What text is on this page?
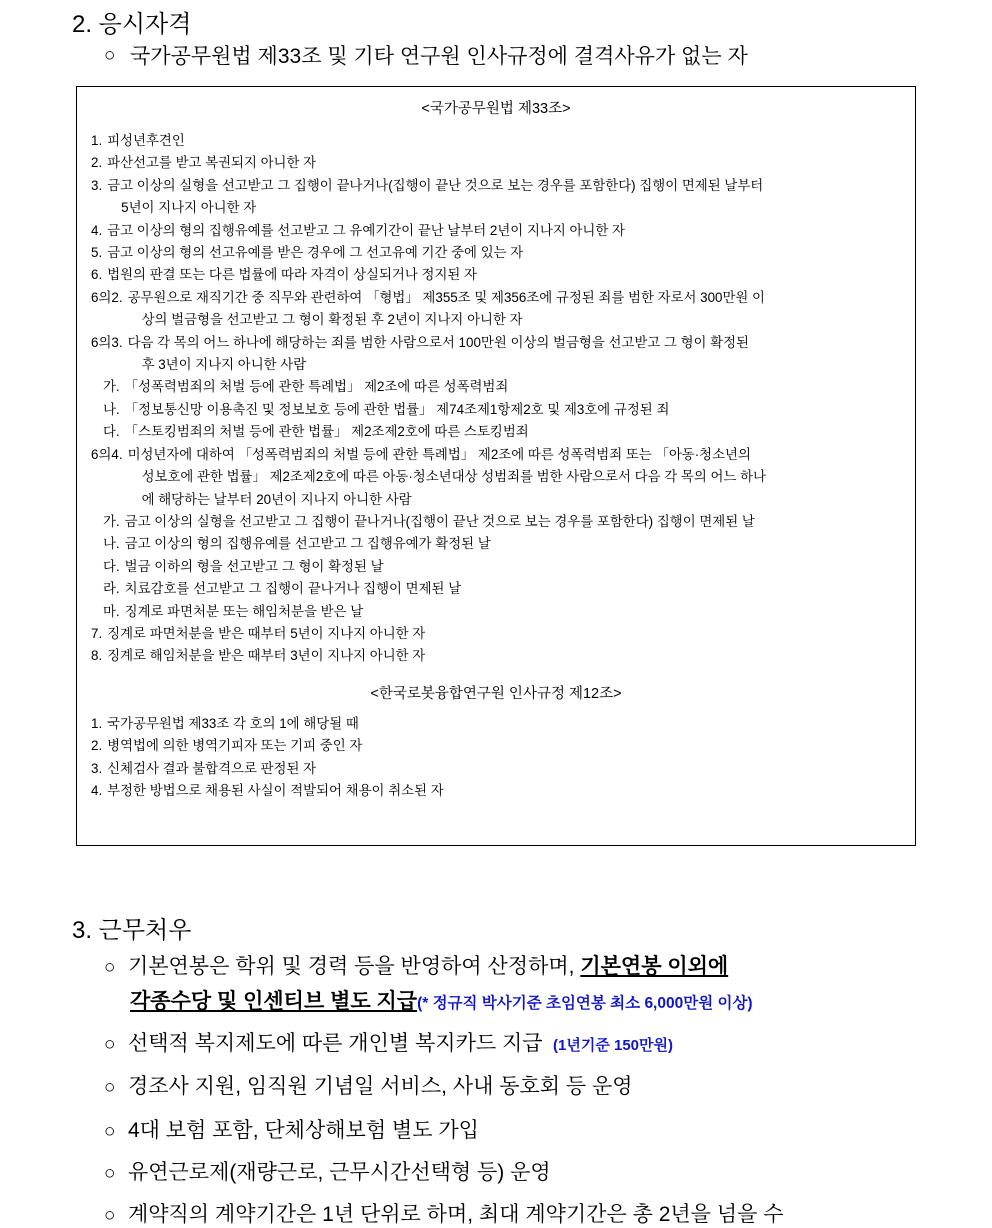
2. 응시자격
○ 국가공무원법 제33조 및 기타 연구원 인사규정에 결격사유가 없는 자
<국가공무원법 제33조>
1. 피성년후견인
2. 파산선고를 받고 복권되지 아니한 자
3. 금고 이상의 실형을 선고받고 그 집행이 끝나거나(집행이 끝난 것으로 보는 경우를 포함한다) 집행이 면제된 날부터
5년이 지나지 아니한 자
4. 금고 이상의 형의 집행유예를 선고받고 그 유예기간이 끝난 날부터 2년이 지나지 아니한 자
5. 금고 이상의 형의 선고유예를 받은 경우에 그 선고유예 기간 중에 있는 자
6. 법원의 판결 또는 다른 법률에 따라 자격이 상실되거나 정지된 자
6의2. 공무원으로 재직기간 중 직무와 관련하여 「형법」 제355조 및 제356조에 규정된 죄를 범한 자로서 300만원 이
상의 벌금형을 선고받고 그 형이 확정된 후 2년이 지나지 아니한 자
6의3. 다음 각 목의 어느 하나에 해당하는 죄를 범한 사람으로서 100만원 이상의 벌금형을 선고받고 그 형이 확정된
후 3년이 지나지 아니한 사람
가. 「성폭력범죄의 처벌 등에 관한 특례법」 제2조에 따른 성폭력범죄
나. 「정보통신망 이용촉진 및 정보보호 등에 관한 법률」 제74조제1항제2호 및 제3호에 규정된 죄
다. 「스토킹범죄의 처벌 등에 관한 법률」 제2조제2호에 따른 스토킹범죄
6의4. 미성년자에 대하여 「성폭력범죄의 처벌 등에 관한 특례법」 제2조에 따른 성폭력범죄 또는 「아동·청소년의
성보호에 관한 법률」 제2조제2호에 따른 아동·청소년대상 성범죄를 범한 사람으로서 다음 각 목의 어느 하나
에 해당하는 날부터 20년이 지나지 아니한 사람
가. 금고 이상의 실형을 선고받고 그 집행이 끝나거나(집행이 끝난 것으로 보는 경우를 포함한다) 집행이 면제된 날
나. 금고 이상의 형의 집행유예를 선고받고 그 집행유예가 확정된 날
다. 벌금 이하의 형을 선고받고 그 형이 확정된 날
라. 치료감호를 선고받고 그 집행이 끝나거나 집행이 면제된 날
마. 징계로 파면처분 또는 해임처분을 받은 날
7. 징계로 파면처분을 받은 때부터 5년이 지나지 아니한 자
8. 징계로 해임처분을 받은 때부터 3년이 지나지 아니한 자
<한국로봇융합연구원 인사규정 제12조>
1. 국가공무원법 제33조 각 호의 1에 해당될 때
2. 병역법에 의한 병역기피자 또는 기피 중인 자
3. 신체검사 결과 불합격으로 판정된 자
4. 부정한 방법으로 채용된 사실이 적발되어 채용이 취소된 자
3. 근무처우
○ 기본연봉은 학위 및 경력 등을 반영하여 산정하며, 기본연봉 이외에
각종수당 및 인센티브 별도 지급(* 정규직 박사기준 초임연봉 최소 6,000만원 이상)
○ 선택적 복지제도에 따른 개인별 복지카드 지급 (1년기준 150만원)
○ 경조사 지원, 임직원 기념일 서비스, 사내 동호회 등 운영
○ 4대 보험 포함, 단체상해보험 별도 가입
○ 유연근로제(재량근로, 근무시간선택형 등) 운영
○ 계약직의 계약기간은 1년 단위로 하며, 최대 계약기간은 총 2년을 넘을 수
